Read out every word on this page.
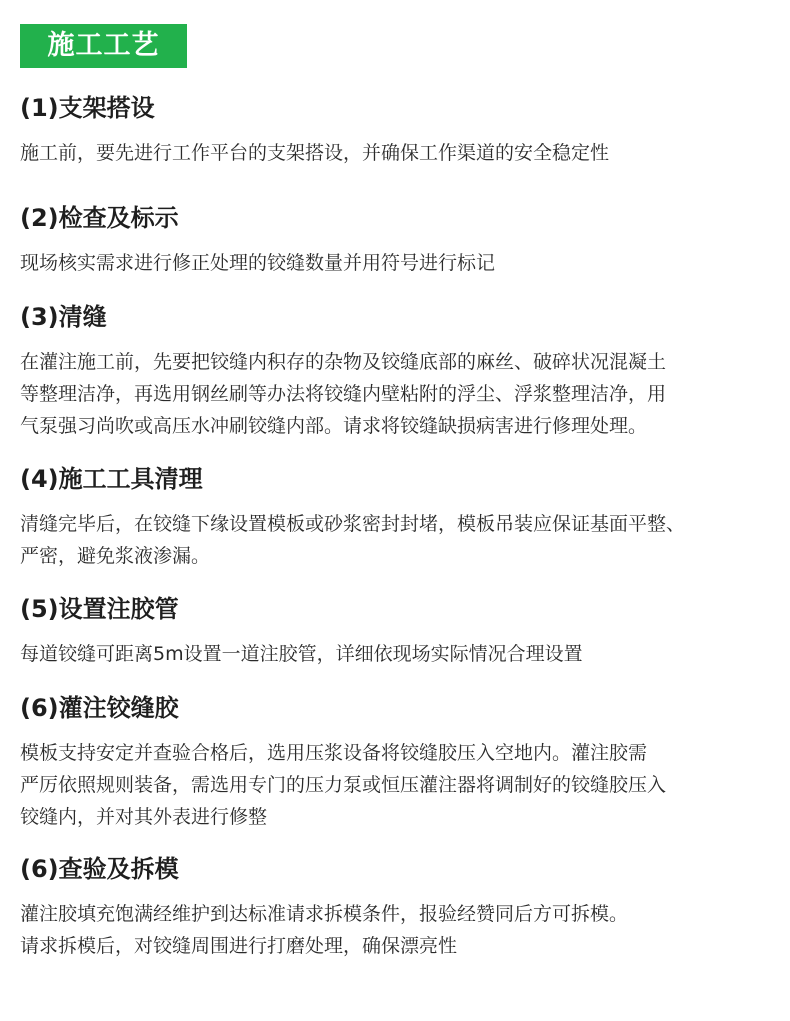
施工工艺
(1)支架搭设

施工前，要先进行工作平台的支架搭设，并确保工作渠道的安全稳定性

(2)检查及标示

现场核实需求进行修正处理的铰缝数量并用符号进行标记

(3)清缝

在灌注施工前，先要把铰缝内积存的杂物及铰缝底部的麻丝、破碎状况混凝土

等整理洁净，再选用钢丝刷等办法将铰缝内壁粘附的浮尘、浮浆整理洁净，用

气泵强习尚吹或高压水冲刷铰缝内部。请求将铰缝缺损病害进行修理处理。

(4)施工工具清理

清缝完毕后，在铰缝下缘设置模板或砂浆密封封堵，模板吊装应保证基面平整、

严密，避免浆液渗漏。

(5)设置注胶管

每道铰缝可距离5m设置一道注胶管，详细依现场实际情况合理设置

(6)灌注铰缝胶

模板支持安定并查验合格后，选用压浆设备将铰缝胶压入空地内。灌注胶需

严厉依照规则装备，需选用专门的压力泵或恒压灌注器将调制好的铰缝胶压入

铰缝内，并对其外表进行修整

(6)查验及拆模

灌注胶填充饱满经维护到达标准请求拆模条件，报验经赞同后方可拆模。

请求拆模后，对铰缝周围进行打磨处理，确保漂亮性
